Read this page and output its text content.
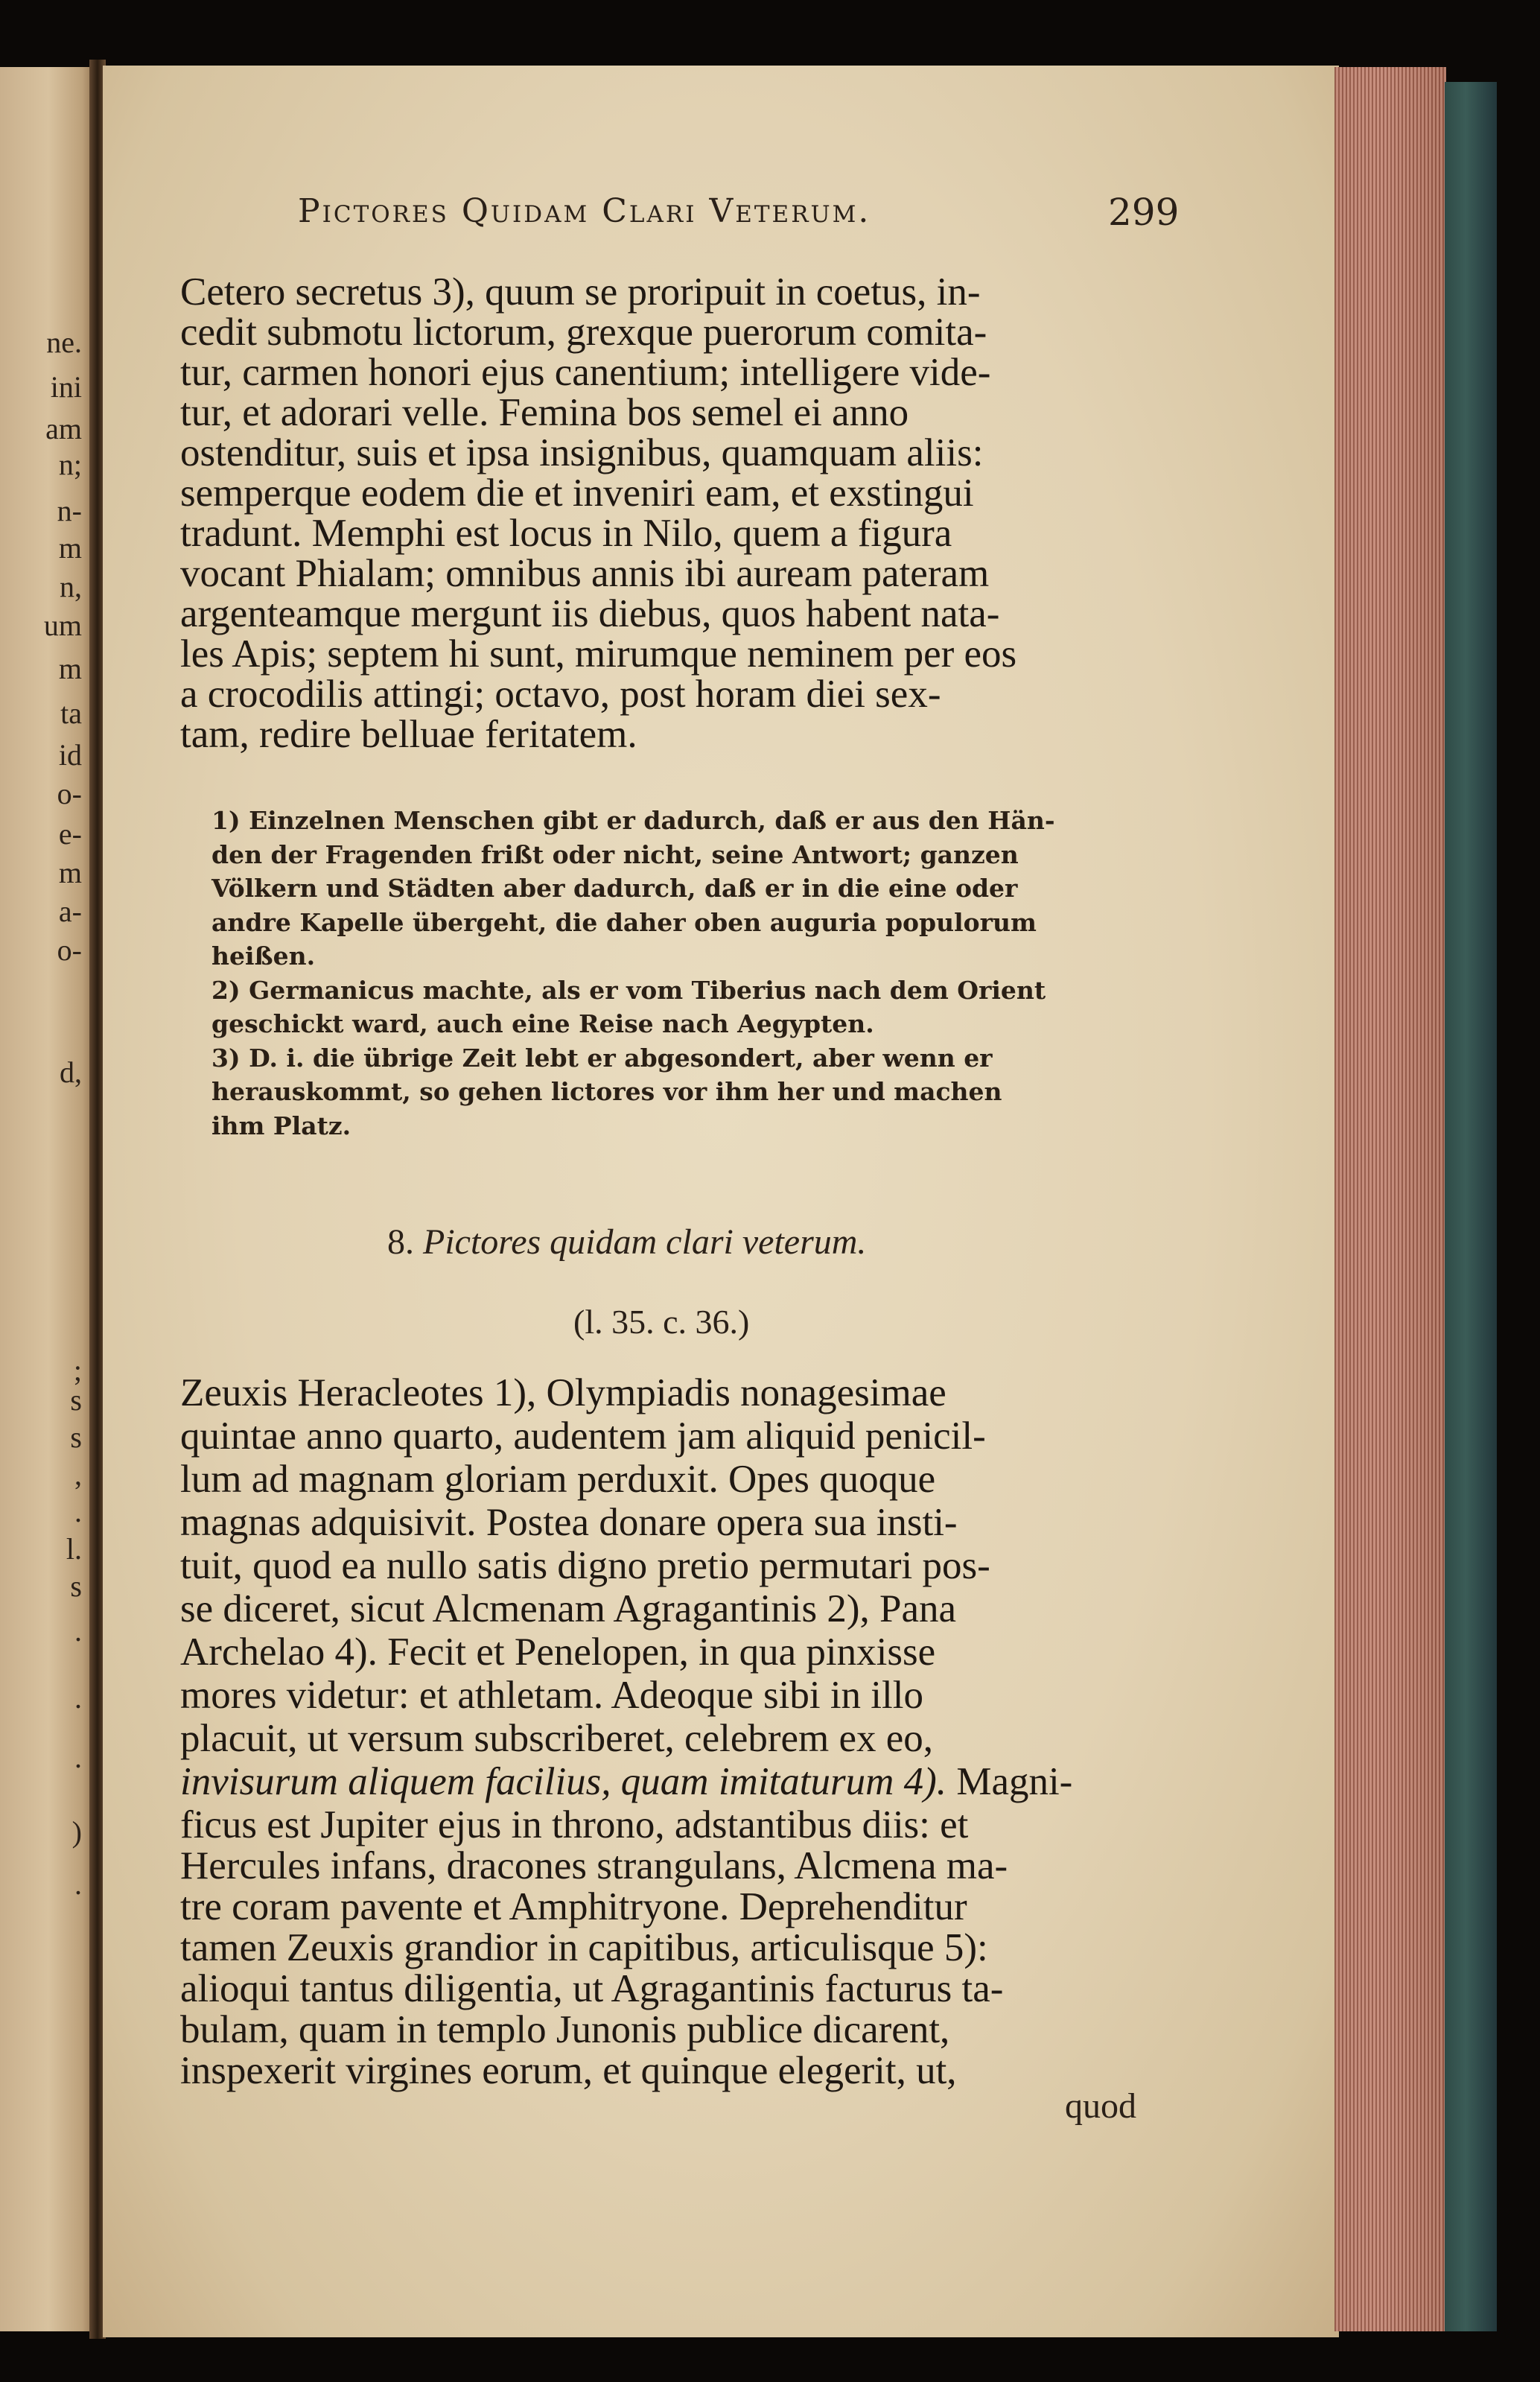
ne.
ini
am
n;
n-
m
n,
um
m
ta
id
o-
e-
m
a-
o-
d,
;
s
s
,
.
l.
s
.
.
.
)
.
Pictores Quidam Clari Veterum.	299
Cetero secretus 3), quum se proripuit in coetus, in-
cedit submotu lictorum, grexque puerorum comita-
tur, carmen honori ejus canentium; intelligere vide-
tur, et adorari velle. Femina bos semel ei anno
ostenditur, suis et ipsa insignibus, quamquam aliis:
semperque eodem die et inveniri eam, et exstingui
tradunt. Memphi est locus in Nilo, quem a figura
vocant Phialam; omnibus annis ibi auream pateram
argenteamque mergunt iis diebus, quos habent nata-
les Apis; septem hi sunt, mirumque neminem per eos
a crocodilis attingi; octavo, post horam diei sex-
tam, redire belluae feritatem.
1) Einzelnen Menschen gibt er dadurch, daß er aus den Hän-
den der Fragenden frißt oder nicht, seine Antwort; ganzen
Völkern und Städten aber dadurch, daß er in die eine oder
andre Kapelle übergeht, die daher oben auguria populorum
heißen.
2) Germanicus machte, als er vom Tiberius nach dem Orient
geschickt ward, auch eine Reise nach Aegypten.
3) D. i. die übrige Zeit lebt er abgesondert, aber wenn er
herauskommt, so gehen lictores vor ihm her und machen
ihm Platz.
8. Pictores quidam clari veterum.
(l. 35. c. 36.)
Zeuxis Heracleotes 1), Olympiadis nonagesimae
quintae anno quarto, audentem jam aliquid penicil-
lum ad magnam gloriam perduxit. Opes quoque
magnas adquisivit. Postea donare opera sua insti-
tuit, quod ea nullo satis digno pretio permutari pos-
se diceret, sicut Alcmenam Agragantinis 2), Pana
Archelao 4). Fecit et Penelopen, in qua pinxisse
mores videtur: et athletam. Adeoque sibi in illo
placuit, ut versum subscriberet, celebrem ex eo,
invisurum aliquem facilius, quam imitaturum 4). Magni-
ficus est Jupiter ejus in throno, adstantibus diis: et
Hercules infans, dracones strangulans, Alcmena ma-
tre coram pavente et Amphitryone. Deprehenditur
tamen Zeuxis grandior in capitibus, articulisque 5):
alioqui tantus diligentia, ut Agragantinis facturus ta-
bulam, quam in templo Junonis publice dicarent,
inspexerit virgines eorum, et quinque elegerit, ut,
quod
